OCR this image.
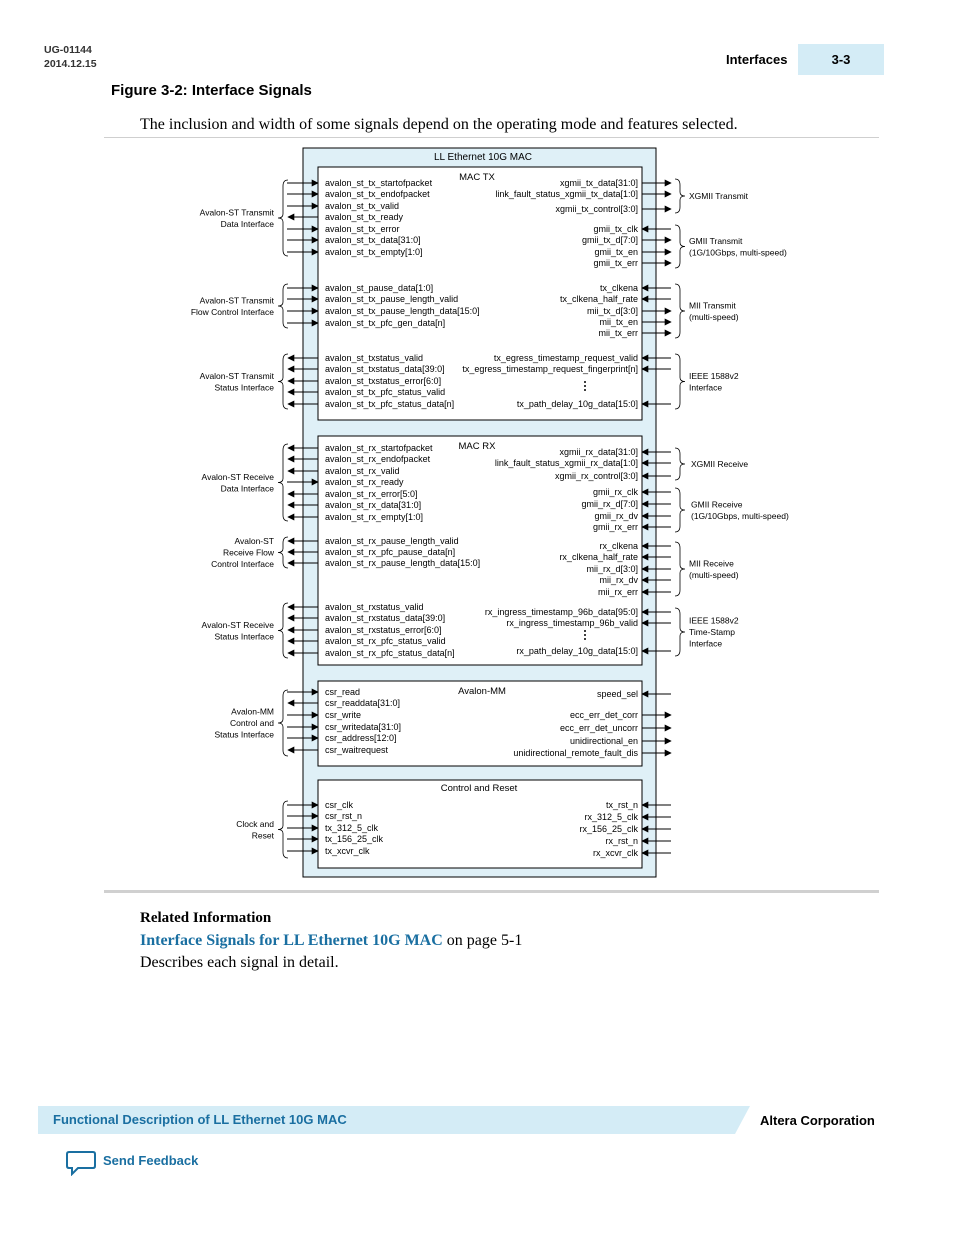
UG-01144
2014.12.15	Interfaces	3-3
Figure 3-2: Interface Signals
The inclusion and width of some signals depend on the operating mode and features selected.
LL Ethernet 10G MAC
MAC TX
MAC RX
Avalon-MM
Control and Reset
avalon_st_tx_startofpacket
avalon_st_tx_endofpacket
avalon_st_tx_valid
avalon_st_tx_ready
avalon_st_tx_error
avalon_st_tx_data[31:0]
avalon_st_tx_empty[1:0]
avalon_st_pause_data[1:0]
avalon_st_tx_pause_length_valid
avalon_st_tx_pause_length_data[15:0]
avalon_st_tx_pfc_gen_data[n]
avalon_st_txstatus_valid
avalon_st_txstatus_data[39:0]
avalon_st_txstatus_error[6:0]
avalon_st_tx_pfc_status_valid
avalon_st_tx_pfc_status_data[n]
xgmii_tx_data[31:0]
link_fault_status_xgmii_tx_data[1:0]
xgmii_tx_control[3:0]
gmii_tx_clk
gmii_tx_d[7:0]
gmii_tx_en
gmii_tx_err
tx_clkena
tx_clkena_half_rate
mii_tx_d[3:0]
mii_tx_en
mii_tx_err
tx_egress_timestamp_request_valid
tx_egress_timestamp_request_fingerprint[n]
tx_path_delay_10g_data[15:0]
avalon_st_rx_startofpacket
avalon_st_rx_endofpacket
avalon_st_rx_valid
avalon_st_rx_ready
avalon_st_rx_error[5:0]
avalon_st_rx_data[31:0]
avalon_st_rx_empty[1:0]
avalon_st_rx_pause_length_valid
avalon_st_rx_pfc_pause_data[n]
avalon_st_rx_pause_length_data[15:0]
avalon_st_rxstatus_valid
avalon_st_rxstatus_data[39:0]
avalon_st_rxstatus_error[6:0]
avalon_st_rx_pfc_status_valid
avalon_st_rx_pfc_status_data[n]
xgmii_rx_data[31:0]
link_fault_status_xgmii_rx_data[1:0]
xgmii_rx_control[3:0]
gmii_rx_clk
gmii_rx_d[7:0]
gmii_rx_dv
gmii_rx_err
rx_clkena
rx_clkena_half_rate
mii_rx_d[3:0]
mii_rx_dv
mii_rx_err
rx_ingress_timestamp_96b_data[95:0]
rx_ingress_timestamp_96b_valid
rx_path_delay_10g_data[15:0]
csr_read
csr_readdata[31:0]
csr_write
csr_writedata[31:0]
csr_address[12:0]
csr_waitrequest
speed_sel
ecc_err_det_corr
ecc_err_det_uncorr
unidirectional_en
unidirectional_remote_fault_dis
csr_clk
csr_rst_n
tx_312_5_clk
tx_156_25_clk
tx_xcvr_clk
tx_rst_n
rx_312_5_clk
rx_156_25_clk
rx_rst_n
rx_xcvr_clk
Avalon-ST Transmit
Data Interface
Avalon-ST Transmit
Flow Control Interface
Avalon-ST Transmit
Status Interface
Avalon-ST Receive
Data Interface
Avalon-ST
Receive Flow
Control Interface
Avalon-ST Receive
Status Interface
Avalon-MM
Control and
Status Interface
Clock and
Reset
XGMII Transmit
GMII Transmit
(1G/10Gbps, multi-speed)
MII Transmit
(multi-speed)
IEEE 1588v2
Interface
XGMII Receive
GMII Receive
(1G/10Gbps, multi-speed)
MII Receive
(multi-speed)
IEEE 1588v2
Time-Stamp
Interface
Related Information
Interface Signals for LL Ethernet 10G MAC on page 5-1
Describes each signal in detail.
Functional Description of LL Ethernet 10G MAC	Altera Corporation
Send Feedback
